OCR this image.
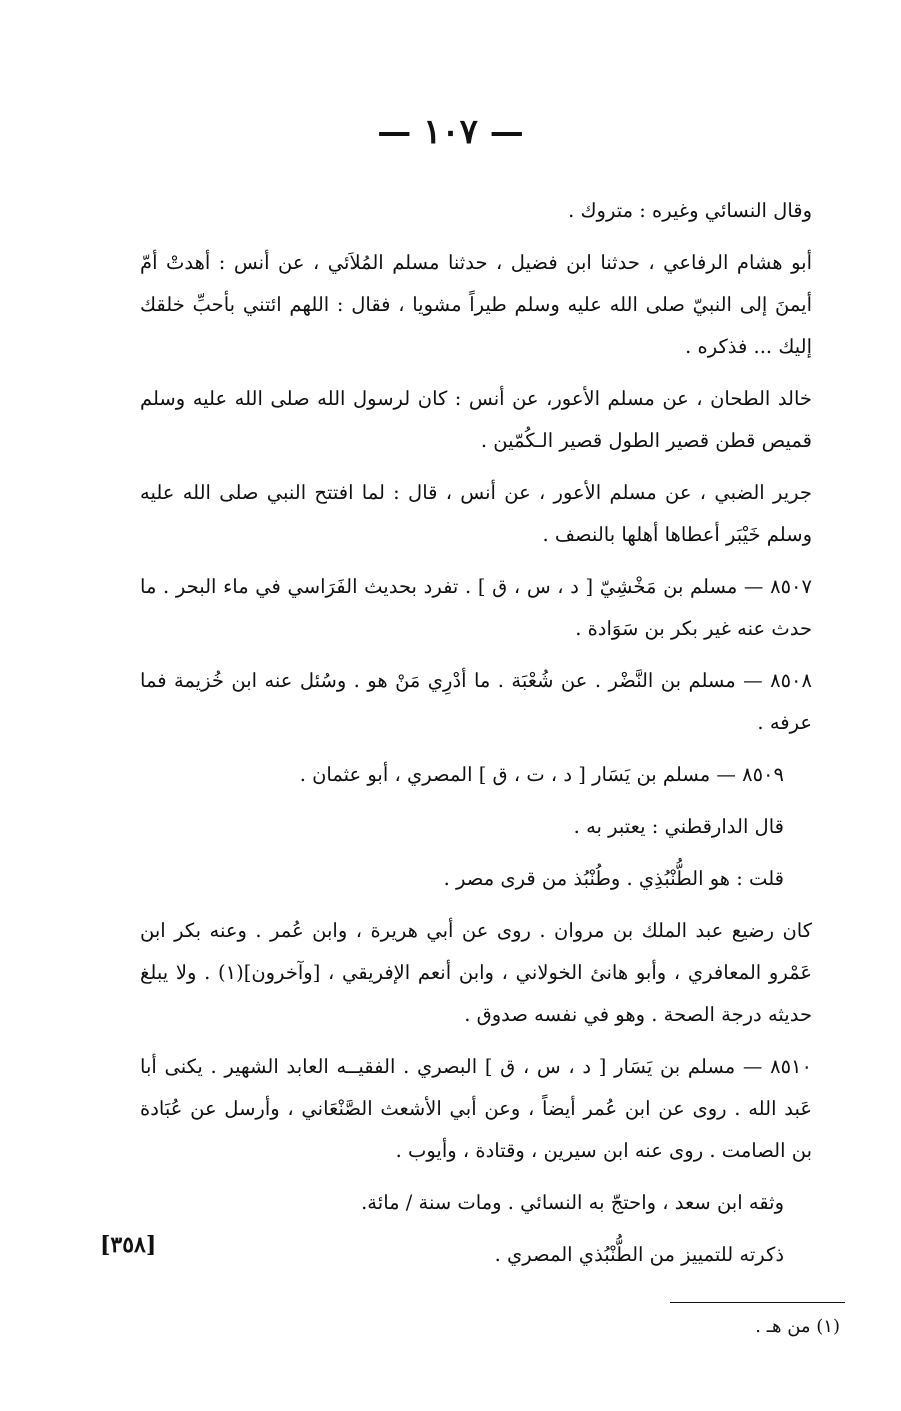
— ١٠٧ —

وقال النسائي وغيره : متروك .

أبو هشام الرفاعي ، حدثنا ابن فضيل ، حدثنا مسلم المُلاَئي ، عن أنس : أهدتْ أمّ أيمنَ إلى النبيّ صلى الله عليه وسلم طيراً مشويا ، فقال : اللهم ائتني بأحبِّ خلقك إليك ... فذكره .

خالد الطحان ، عن مسلم الأعور، عن أنس : كان لرسول الله صلى الله عليه وسلم قميص قطن قصير الطول قصير الـكُمّين .

جرير الضبي ، عن مسلم الأعور ، عن أنس ، قال : لما افتتح النبي صلى الله عليه وسلم خَيْبَر أعطاها أهلها بالنصف .

٨٥٠٧ — مسلم بن مَخْشِيّ [ د ، س ، ق ] . تفرد بحديث الفَرَاسي في ماء البحر . ما حدث عنه غير بكر بن سَوَادة .

٨٥٠٨ — مسلم بن النَّضْر . عن شُعْبَة . ما أدْرِي مَنْ هو . وسُئل عنه ابن خُزيمة فما عرفه .

٨٥٠٩ — مسلم بن يَسَار [ د ، ت ، ق ] المصري ، أبو عثمان .

قال الدارقطني : يعتبر به .

قلت : هو الطُّنْبُذِي . وطُنْبُذ من قرى مصر .

كان رضيع عبد الملك بن مروان . روى عن أبي هريرة ، وابن عُمر . وعنه بكر ابن عَمْرو المعافري ، وأبو هانئ الخولاني ، وابن أنعم الإفريقي ، [وآخرون](١) . ولا يبلغ حديثه درجة الصحة . وهو في نفسه صدوق .

٨٥١٠ — مسلم بن يَسَار [ د ، س ، ق ] البصري . الفقيــه العابد الشهير . يكنى أبا عَبد الله . روى عن ابن عُمر أيضاً ، وعن أبي الأشعث الصَّنْعَاني ، وأرسل عن عُبَادة بن الصامت . روى عنه ابن سيرين ، وقتادة ، وأيوب .

وثقه ابن سعد ، واحتجّ به النسائي . ومات سنة / مائة.

ذكرته للتمييز من الطُّنْبُذي المصري .

[٣٥٨]
(١) من هـ .
